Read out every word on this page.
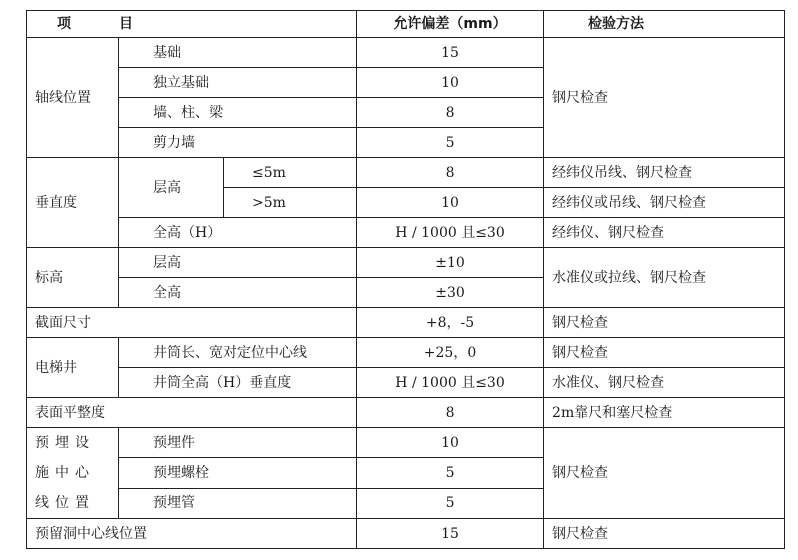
项 目			允许偏差（mm）	检验方法
轴线位置	基础		15	钢尺检查
	独立基础		10	
	墙、柱、梁		8	
	剪力墙		5	
垂直度	层高	≤5m	8	经纬仪吊线、钢尺检查
		>5m	10	经纬仪或吊线、钢尺检查
	全高（H）		H / 1000 且≤30	经纬仪、钢尺检查
标高	层高		±10	水准仪或拉线、钢尺检查
	全高		±30	
截面尺寸			+8，-5	钢尺检查
电梯井	井筒长、宽对定位中心线		+25，0	钢尺检查
	井筒全高（H）垂直度		H / 1000 且≤30	水准仪、钢尺检查
表面平整度			8	2m靠尺和塞尺检查
预埋设施中心线位置	预埋件		10	钢尺检查
	预埋螺栓		5	
	预埋管		5	
预留洞中心线位置			15	钢尺检查
